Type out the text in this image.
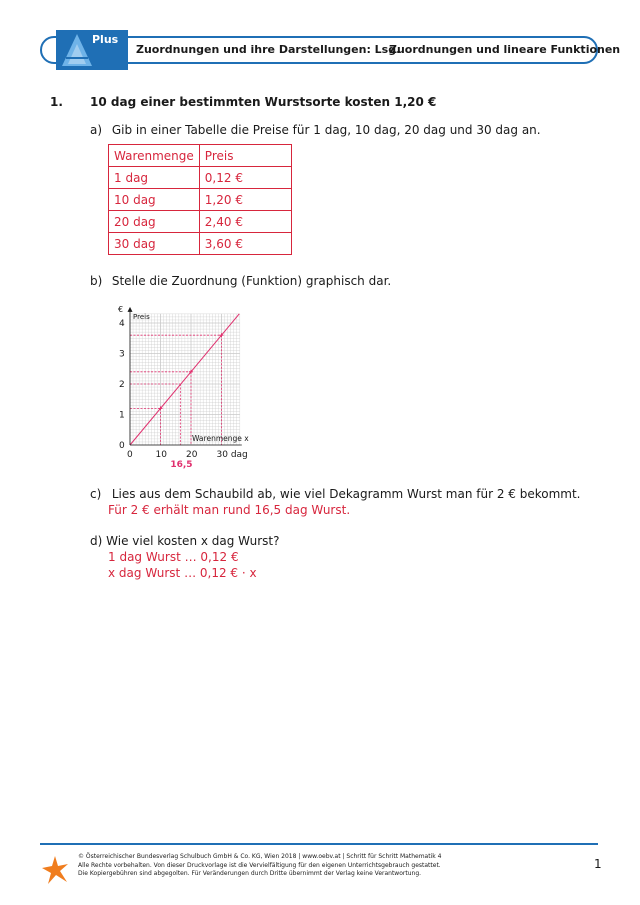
Plus
Zuordnungen und ihre Darstellungen: Lsg.
Zuordnungen und lineare Funktionen
1. 10 dag einer bestimmten Wurstsorte kosten 1,20 €
a) Gib in einer Tabelle die Preise für 1 dag, 10 dag, 20 dag und 30 dag an.
Warenmenge	Preis
1 dag	0,12 €
10 dag	1,20 €
20 dag	2,40 €
30 dag	3,60 €
b) Stelle die Zuordnung (Funktion) graphisch dar.
0	10 20 30 dag
0
1
2
3
4
€
Preis
Warenmenge x
16,5
c) Lies aus dem Schaubild ab, wie viel Dekagramm Wurst man für 2 € bekommt.
Für 2 € erhält man rund 16,5 dag Wurst.
d) Wie viel kosten x dag Wurst?
1 dag Wurst … 0,12 €
x dag Wurst … 0,12 € · x
© Österreichischer Bundesverlag Schulbuch GmbH & Co. KG, Wien 2018 | www.oebv.at | Schritt für Schritt Mathematik 4
Alle Rechte vorbehalten. Von dieser Druckvorlage ist die Vervielfältigung für den eigenen Unterrichtsgebrauch gestattet.
Die Kopiergebühren sind abgegolten. Für Veränderungen durch Dritte übernimmt der Verlag keine Verantwortung.
1
